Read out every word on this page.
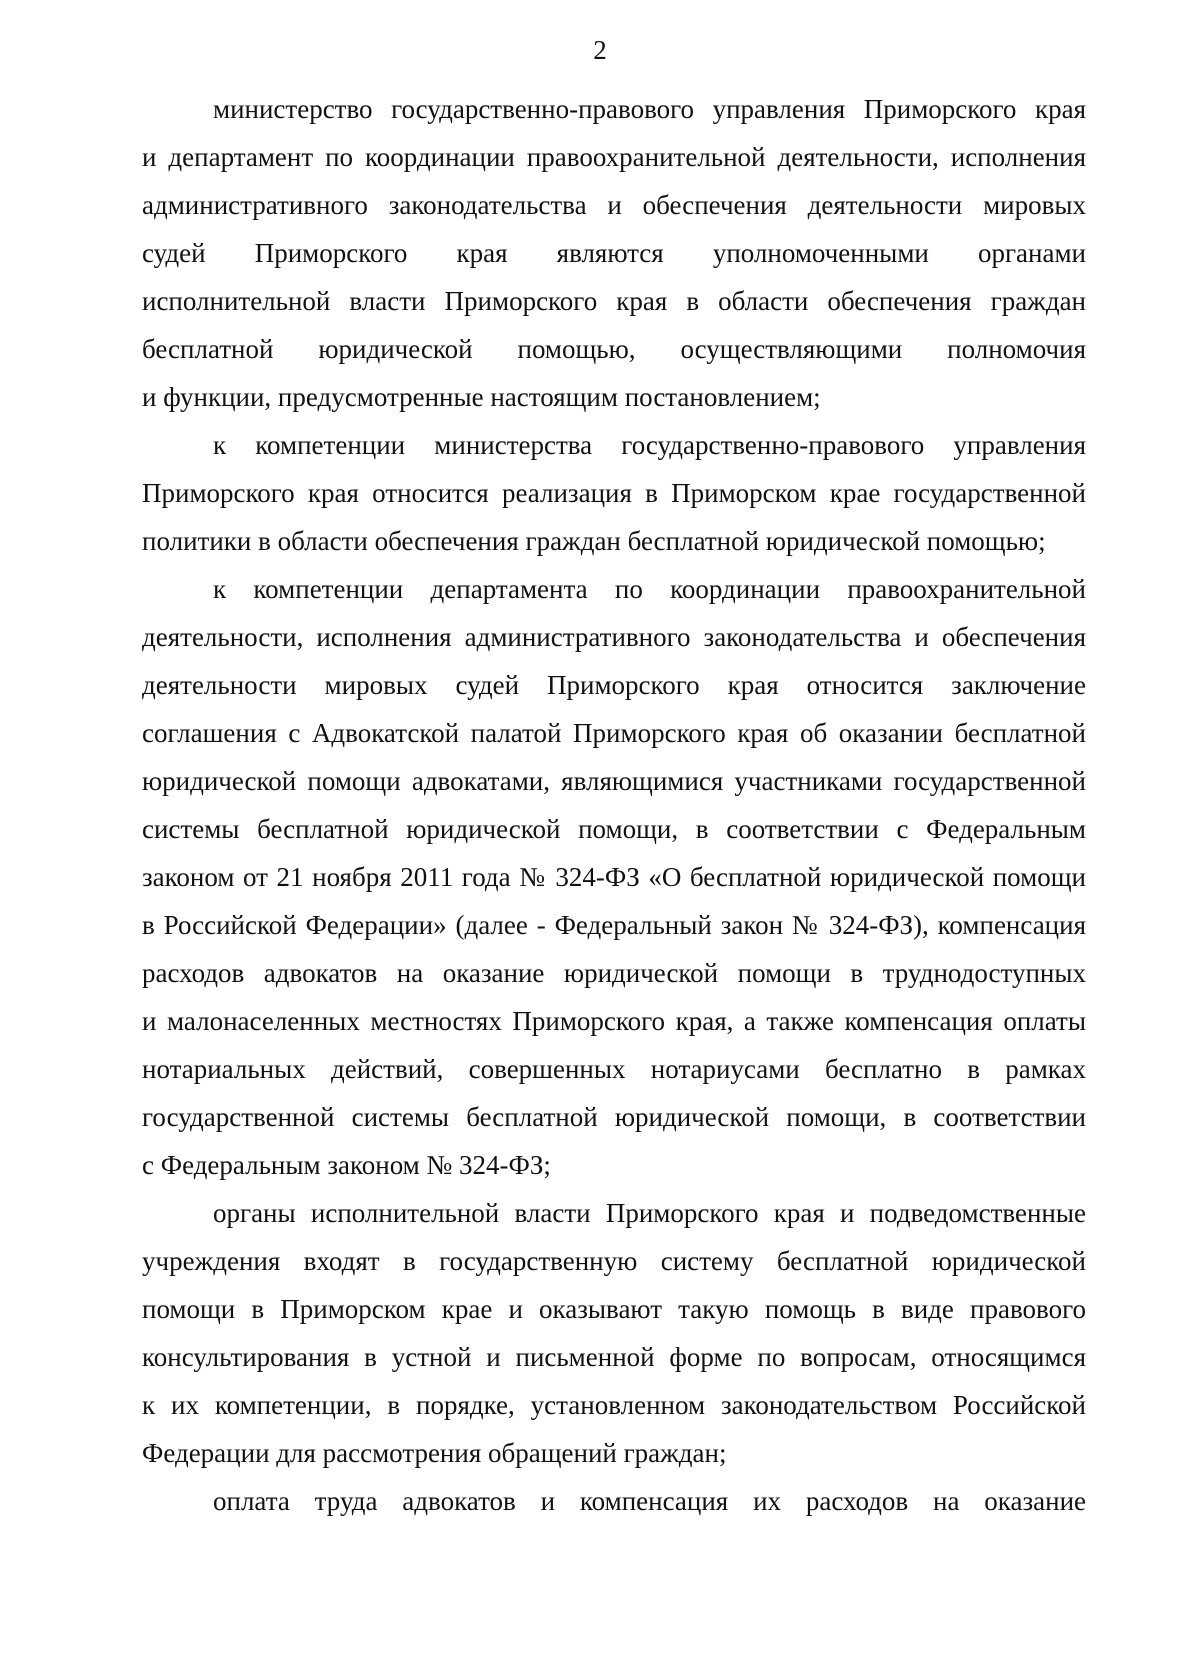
2
министерство государственно-правового управления Приморского края
и департамент по координации правоохранительной деятельности, исполнения
административного законодательства и обеспечения деятельности мировых
судей Приморского края являются уполномоченными органами
исполнительной власти Приморского края в области обеспечения граждан
бесплатной юридической помощью, осуществляющими полномочия
и функции, предусмотренные настоящим постановлением;
к компетенции министерства государственно-правового управления
Приморского края относится реализация в Приморском крае государственной
политики в области обеспечения граждан бесплатной юридической помощью;
к компетенции департамента по координации правоохранительной
деятельности, исполнения административного законодательства и обеспечения
деятельности мировых судей Приморского края относится заключение
соглашения с Адвокатской палатой Приморского края об оказании бесплатной
юридической помощи адвокатами, являющимися участниками государственной
системы бесплатной юридической помощи, в соответствии с Федеральным
законом от 21 ноября 2011 года № 324-ФЗ «О бесплатной юридической помощи
в Российской Федерации» (далее - Федеральный закон № 324-ФЗ), компенсация
расходов адвокатов на оказание юридической помощи в труднодоступных
и малонаселенных местностях Приморского края, а также компенсация оплаты
нотариальных действий, совершенных нотариусами бесплатно в рамках
государственной системы бесплатной юридической помощи, в соответствии
с Федеральным законом № 324-ФЗ;
органы исполнительной власти Приморского края и подведомственные
учреждения входят в государственную систему бесплатной юридической
помощи в Приморском крае и оказывают такую помощь в виде правового
консультирования в устной и письменной форме по вопросам, относящимся
к их компетенции, в порядке, установленном законодательством Российской
Федерации для рассмотрения обращений граждан;
оплата труда адвокатов и компенсация их расходов на оказание
